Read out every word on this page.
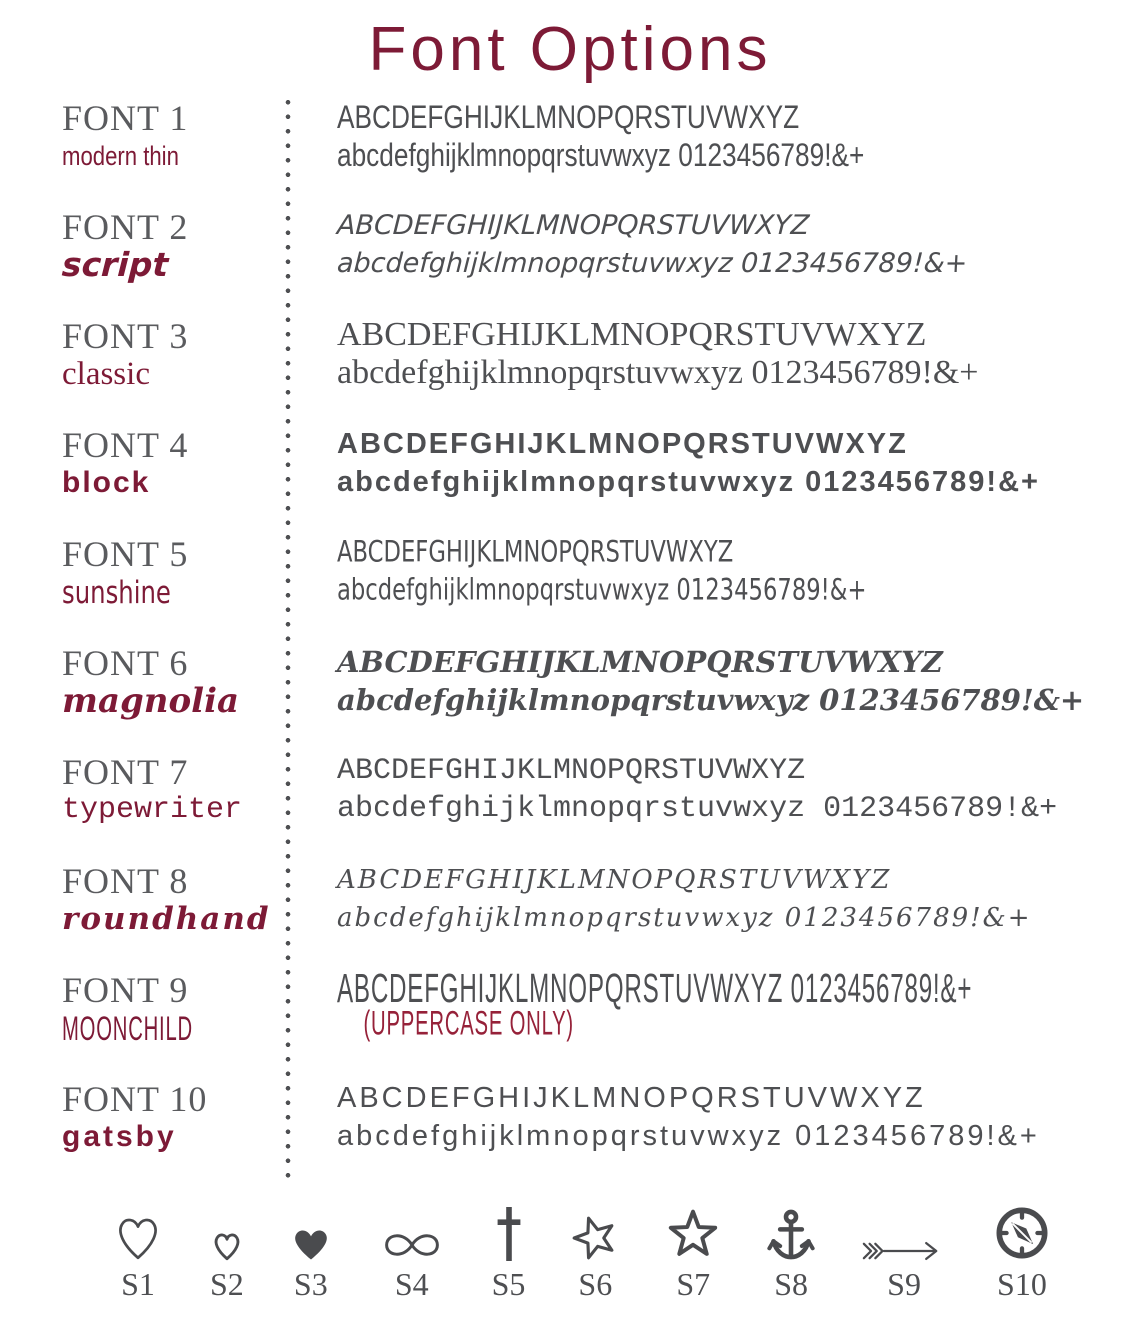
Font Options
FONT 1
modern thin
ABCDEFGHIJKLMNOPQRSTUVWXYZ
abcdefghijklmnopqrstuvwxyz 0123456789!&+
FONT 2
script
ABCDEFGHIJKLMNOPQRSTUVWXYZ
abcdefghijklmnopqrstuvwxyz 0123456789!&+
FONT 3
classic
ABCDEFGHIJKLMNOPQRSTUVWXYZ
abcdefghijklmnopqrstuvwxyz 0123456789!&+
FONT 4
block
ABCDEFGHIJKLMNOPQRSTUVWXYZ
abcdefghijklmnopqrstuvwxyz 0123456789!&+
FONT 5
sunshine
ABCDEFGHIJKLMNOPQRSTUVWXYZ
abcdefghijklmnopqrstuvwxyz 0123456789!&+
FONT 6
magnolia
ABCDEFGHIJKLMNOPQRSTUVWXYZ
abcdefghijklmnopqrstuvwxyz 0123456789!&+
FONT 7
typewriter
ABCDEFGHIJKLMNOPQRSTUVWXYZ
abcdefghijklmnopqrstuvwxyz 0123456789!&+
FONT 8
roundhand
ABCDEFGHIJKLMNOPQRSTUVWXYZ
abcdefghijklmnopqrstuvwxyz 0123456789!&+
FONT 9
MOONCHILD
ABCDEFGHIJKLMNOPQRSTUVWXYZ 0123456789!&+
(UPPERCASE ONLY)
FONT 10
gatsby
ABCDEFGHIJKLMNOPQRSTUVWXYZ
abcdefghijklmnopqrstuvwxyz 0123456789!&+
S1 S2 S3 S4 S5 S6 S7 S8 S9 S10
